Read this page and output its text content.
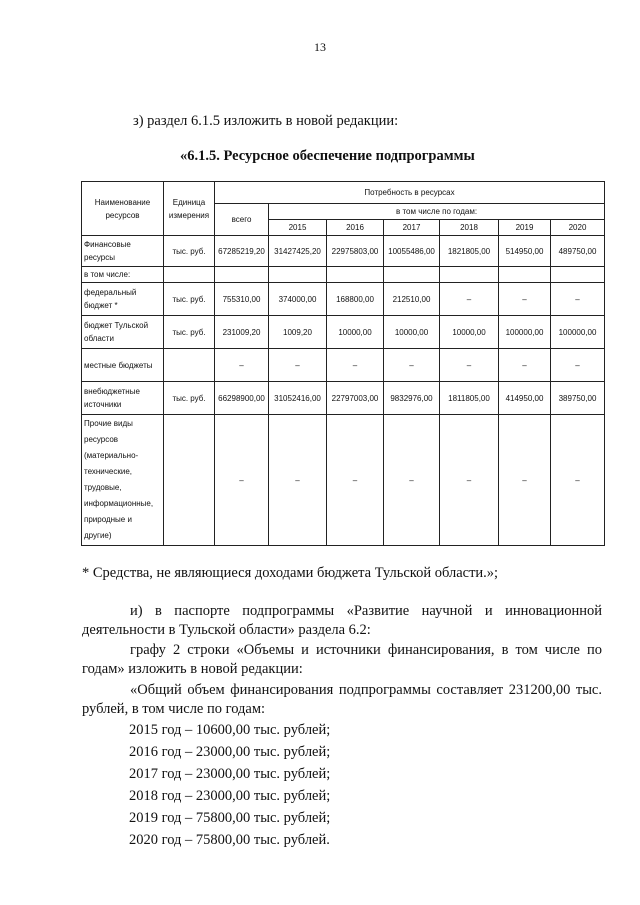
13
з) раздел 6.1.5 изложить в новой редакции:
«6.1.5. Ресурсное обеспечение подпрограммы
Наименование ресурсов	Единица измерения	Потребность в ресурсах						
		всего	в том числе по годам:					
			2015	2016	2017	2018	2019	2020
Финансовые ресурсы	тыс. руб.	67285219,20	31427425,20	22975803,00	10055486,00	1821805,00	514950,00	489750,00
в том числе:								
федеральный бюджет *	тыс. руб.	755310,00	374000,00	168800,00	212510,00	–	–	–
бюджет Тульской области	тыс. руб.	231009,20	1009,20	10000,00	10000,00	10000,00	100000,00	100000,00
местные бюджеты		–	–	–	–	–	–	–
внебюджетные источники	тыс. руб.	66298900,00	31052416,00	22797003,00	9832976,00	1811805,00	414950,00	389750,00
Прочие виды ресурсов (материально-технические, трудовые, информационные, природные и другие)		–	–	–	–	–	–	–
* Средства, не являющиеся доходами бюджета Тульской области.»;
и) в паспорте подпрограммы «Развитие научной и инновационной деятельности в Тульской области» раздела 6.2:
графу 2 строки «Объемы и источники финансирования, в том числе по годам» изложить в новой редакции:
«Общий объем финансирования подпрограммы составляет 231200,00 тыс. рублей, в том числе по годам:
2015 год – 10600,00 тыс. рублей;
2016 год – 23000,00 тыс. рублей;
2017 год – 23000,00 тыс. рублей;
2018 год – 23000,00 тыс. рублей;
2019 год – 75800,00 тыс. рублей;
2020 год – 75800,00 тыс. рублей.
